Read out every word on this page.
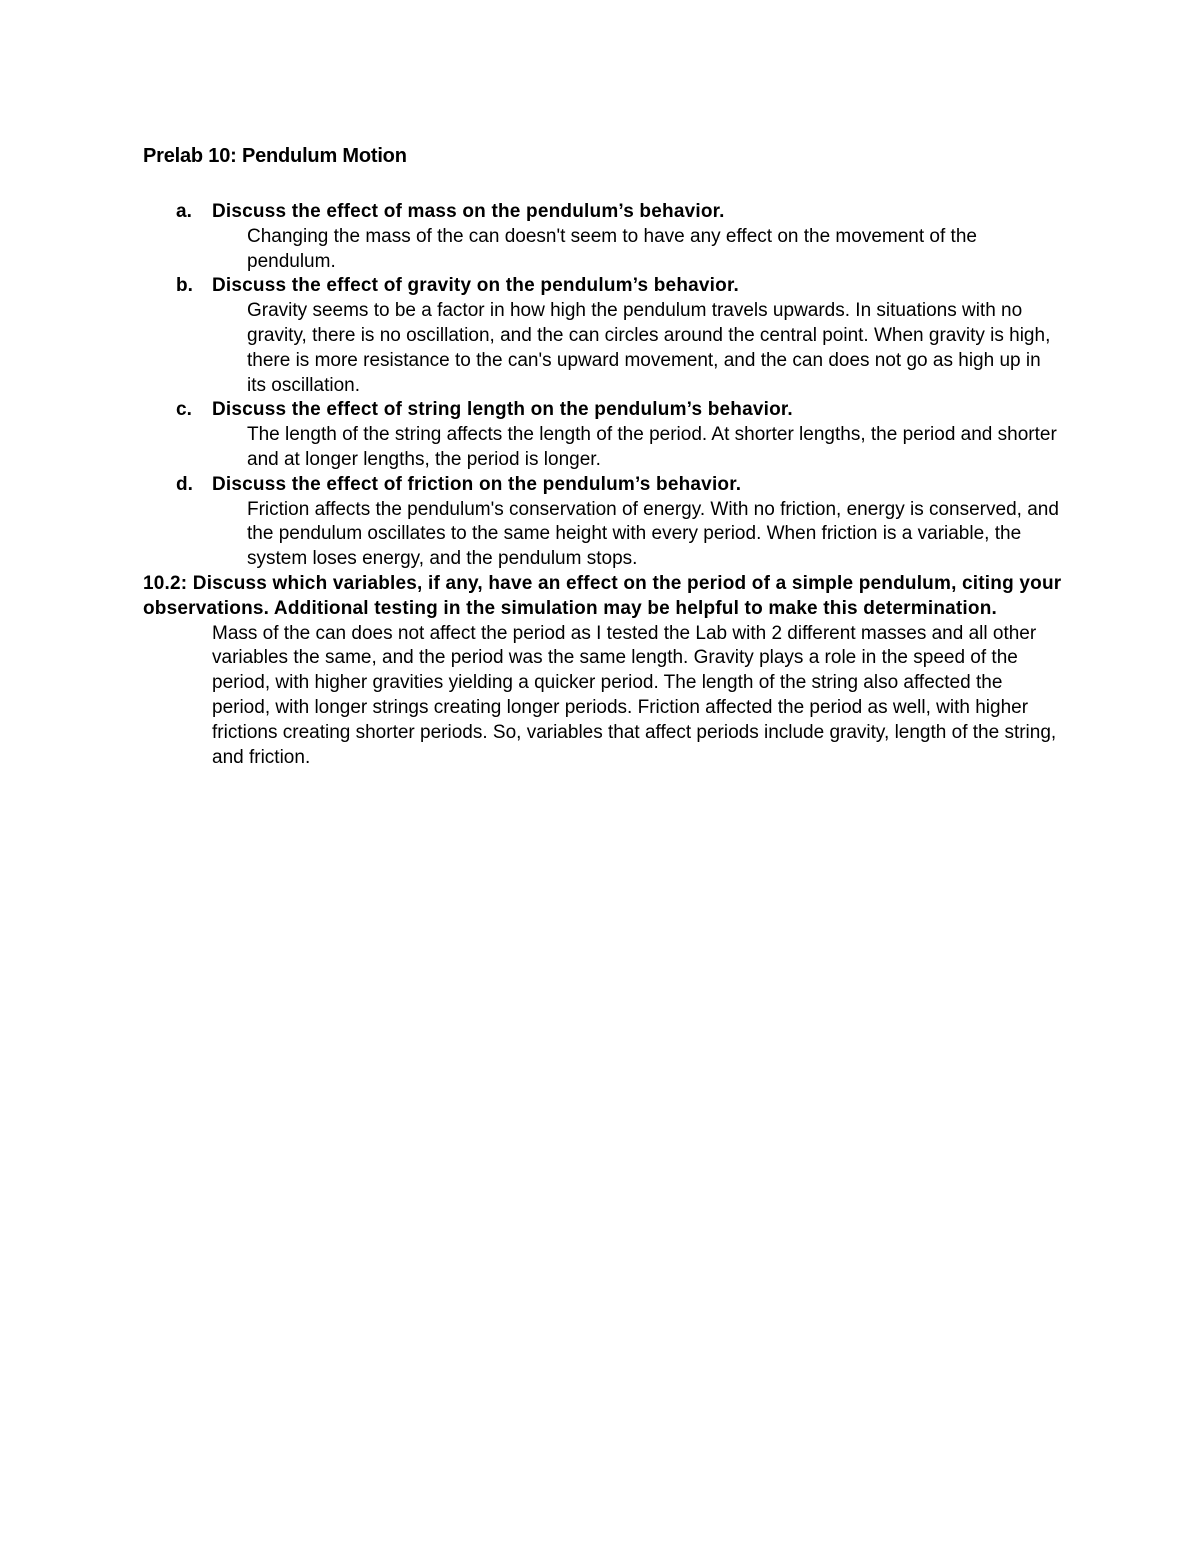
Prelab 10: Pendulum Motion
a. Discuss the effect of mass on the pendulum’s behavior.
Changing the mass of the can doesn't seem to have any effect on the movement of the pendulum.
b. Discuss the effect of gravity on the pendulum’s behavior.
Gravity seems to be a factor in how high the pendulum travels upwards. In situations with no gravity, there is no oscillation, and the can circles around the central point. When gravity is high, there is more resistance to the can's upward movement, and the can does not go as high up in its oscillation.
c. Discuss the effect of string length on the pendulum’s behavior.
The length of the string affects the length of the period. At shorter lengths, the period and shorter and at longer lengths, the period is longer.
d. Discuss the effect of friction on the pendulum’s behavior.
Friction affects the pendulum's conservation of energy. With no friction, energy is conserved, and the pendulum oscillates to the same height with every period. When friction is a variable, the system loses energy, and the pendulum stops.
10.2: Discuss which variables, if any, have an effect on the period of a simple pendulum, citing your observations. Additional testing in the simulation may be helpful to make this determination.
Mass of the can does not affect the period as I tested the Lab with 2 different masses and all other variables the same, and the period was the same length. Gravity plays a role in the speed of the period, with higher gravities yielding a quicker period. The length of the string also affected the period, with longer strings creating longer periods. Friction affected the period as well, with higher frictions creating shorter periods. So, variables that affect periods include gravity, length of the string, and friction.
